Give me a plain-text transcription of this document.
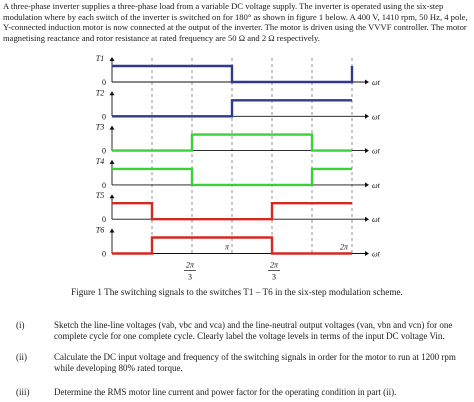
A three-phase inverter supplies a three-phase load from a variable DC voltage supply. The inverter is operated using the six-step modulation where by each switch of the inverter is switched on for 180° as shown in figure 1 below. A 400 V, 1410 rpm, 50 Hz, 4 pole, Y-connected induction motor is now connected at the output of the inverter. The motor is driven using the VVVF controller. The motor magnetising reactance and rotor resistance at rated frequency are 50 Ω and 2 Ω respectively.

T1
0	ωt
T2
0	ωt
T3
0	ωt
T4
0	ωt
T5
0	ωt
T6
0	ωt
π	2π
2π
3
2π
3
Figure 1 The switching signals to the switches T1 – T6 in the six-step modulation scheme.
(i)	Sketch the line-line voltages (vab, vbc and vca) and the line-neutral output voltages (van, vbn and vcn) for one complete cycle for one complete cycle. Clearly label the voltage levels in terms of the input DC voltage Vin.
(ii)	Calculate the DC input voltage and frequency of the switching signals in order for the motor to run at 1200 rpm while developing 80% rated torque.
(iii)	Determine the RMS motor line current and power factor for the operating condition in part (ii).
